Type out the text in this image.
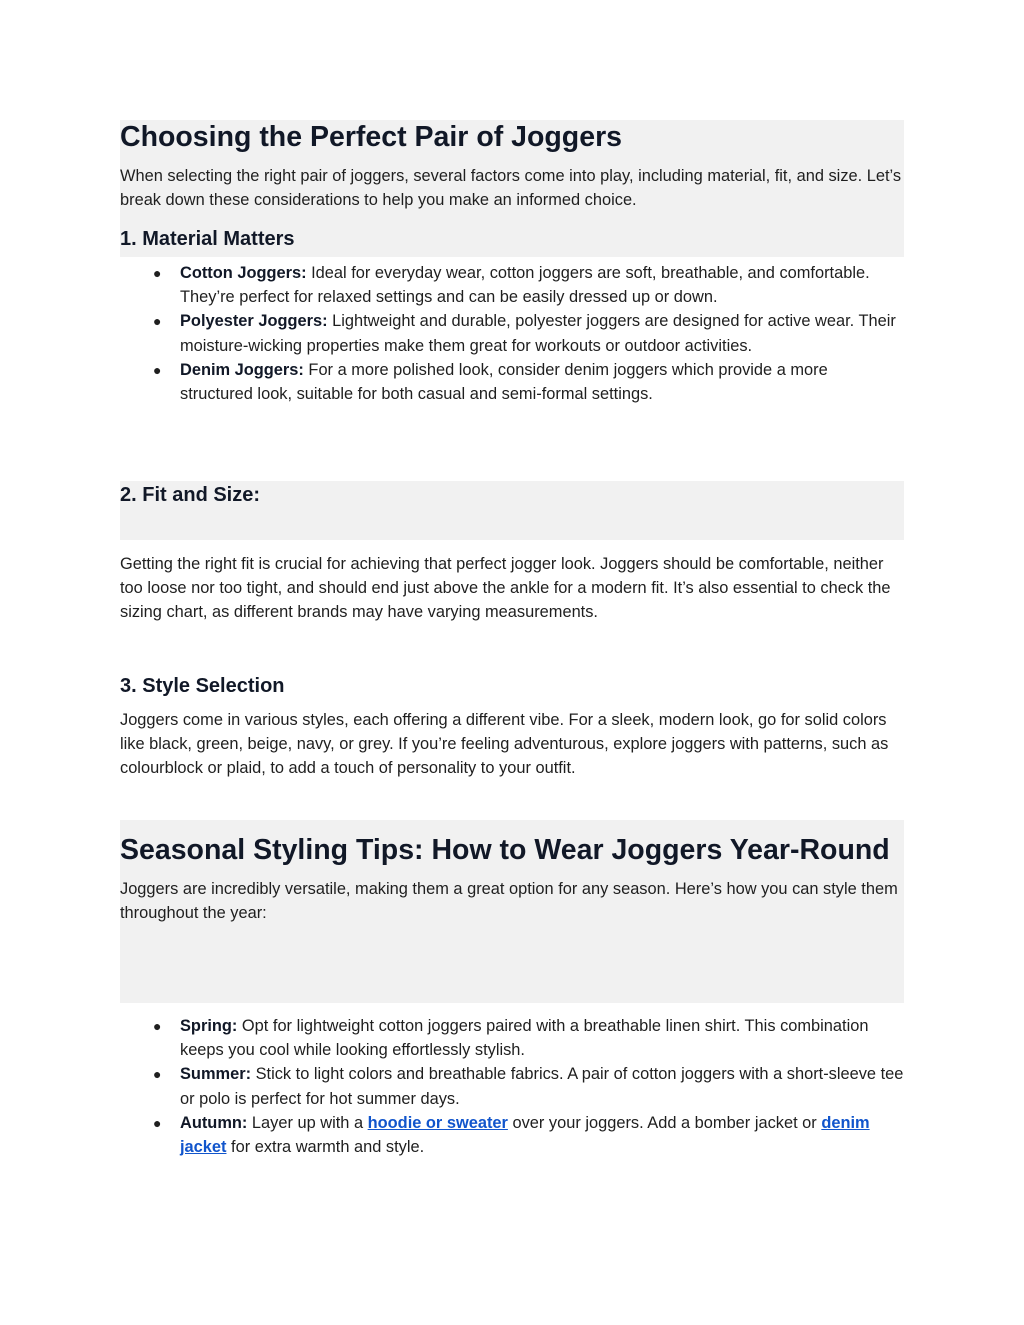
Choosing the Perfect Pair of Joggers

When selecting the right pair of joggers, several factors come into play, including material, fit, and size. Let’s break down these considerations to help you make an informed choice.

1. Material Matters
● Cotton Joggers: Ideal for everyday wear, cotton joggers are soft, breathable, and comfortable. They’re perfect for relaxed settings and can be easily dressed up or down.
● Polyester Joggers: Lightweight and durable, polyester joggers are designed for active wear. Their moisture-wicking properties make them great for workouts or outdoor activities.
● Denim Joggers: For a more polished look, consider denim joggers which provide a more structured look, suitable for both casual and semi-formal settings.
2. Fit and Size:

Getting the right fit is crucial for achieving that perfect jogger look. Joggers should be comfortable, neither too loose nor too tight, and should end just above the ankle for a modern fit. It’s also essential to check the sizing chart, as different brands may have varying measurements.

3. Style Selection

Joggers come in various styles, each offering a different vibe. For a sleek, modern look, go for solid colors like black, green, beige, navy, or grey. If you’re feeling adventurous, explore joggers with patterns, such as colourblock or plaid, to add a touch of personality to your outfit.

Seasonal Styling Tips: How to Wear Joggers Year-Round

Joggers are incredibly versatile, making them a great option for any season. Here’s how you can style them throughout the year:

● Spring: Opt for lightweight cotton joggers paired with a breathable linen shirt. This combination keeps you cool while looking effortlessly stylish.
● Summer: Stick to light colors and breathable fabrics. A pair of cotton joggers with a short-sleeve tee or polo is perfect for hot summer days.
● Autumn: Layer up with a hoodie or sweater over your joggers. Add a bomber jacket or denim jacket for extra warmth and style.
